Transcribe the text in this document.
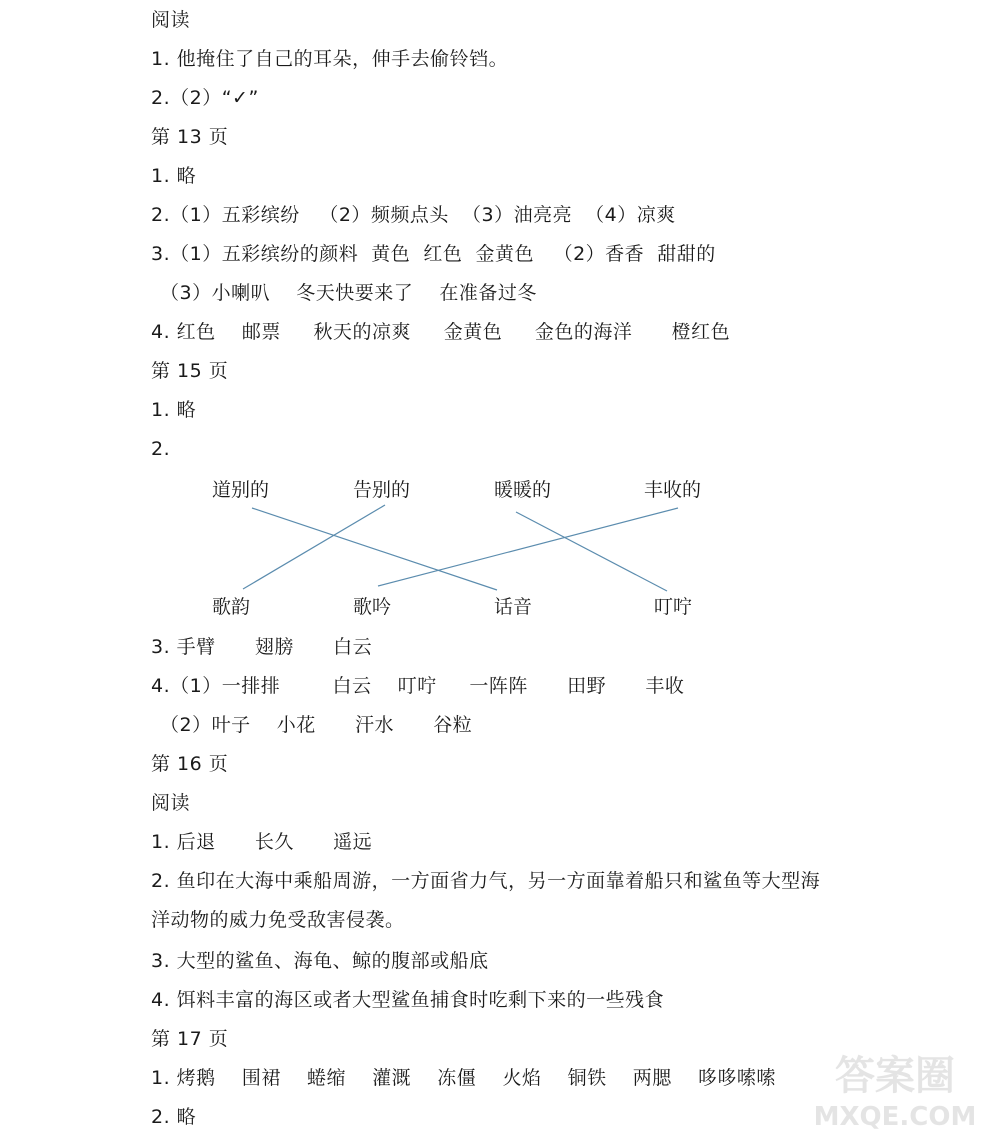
阅读
1. 他掩住了自己的耳朵，伸手去偷铃铛。
2.（2）“✓”
第 13 页
1. 略
2.（1）五彩缤纷   （2）频频点头  （3）油亮亮  （4）凉爽
3.（1）五彩缤纷的颜料  黄色  红色  金黄色   （2）香香  甜甜的
（3）小喇叭    冬天快要来了    在准备过冬
4. 红色    邮票     秋天的凉爽     金黄色     金色的海洋      橙红色
第 15 页
1. 略
2.
道别的	告别的	暖暖的	丰收的
歌韵	歌吟	话音	叮咛
3. 手臂      翅膀      白云
4.（1）一排排        白云    叮咛     一阵阵      田野      丰收
（2）叶子    小花      汗水      谷粒
第 16 页
阅读
1. 后退      长久      遥远
2. 鱼印在大海中乘船周游，一方面省力气，另一方面靠着船只和鲨鱼等大型海
洋动物的威力免受敌害侵袭。
3. 大型的鲨鱼、海龟、鲸的腹部或船底
4. 饵料丰富的海区或者大型鲨鱼捕食时吃剩下来的一些残食
第 17 页
1. 烤鹅    围裙    蜷缩    灌溉    冻僵    火焰    铜铁    两腮    哆哆嗦嗦
2. 略
答案圈
MXQE.COM
